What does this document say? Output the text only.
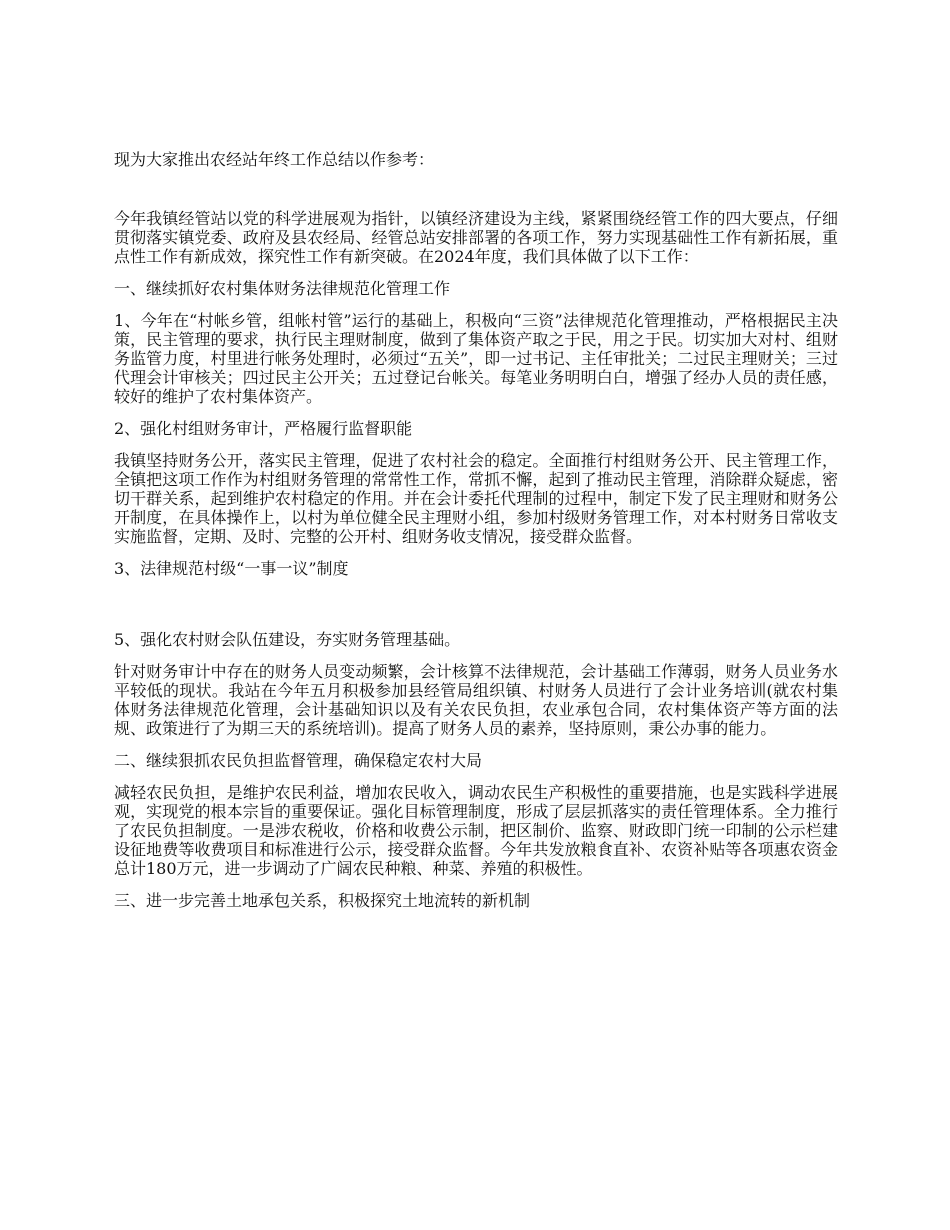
现为大家推出农经站年终工作总结以作参考：

今年我镇经管站以党的科学进展观为指针，以镇经济建设为主线，紧紧围绕经管工作的四大要点，仔细贯彻落实镇党委、政府及县农经局、经管总站安排部署的各项工作，努力实现基础性工作有新拓展，重点性工作有新成效，探究性工作有新突破。在2024年度，我们具体做了以下工作：

一、继续抓好农村集体财务法律规范化管理工作

1、今年在“村帐乡管，组帐村管”运行的基础上，积极向“三资”法律规范化管理推动，严格根据民主决策，民主管理的要求，执行民主理财制度，做到了集体资产取之于民，用之于民。切实加大对村、组财务监管力度，村里进行帐务处理时，必须过“五关”，即一过书记、主任审批关；二过民主理财关；三过代理会计审核关；四过民主公开关；五过登记台帐关。每笔业务明明白白，增强了经办人员的责任感，较好的维护了农村集体资产。

2、强化村组财务审计，严格履行监督职能

我镇坚持财务公开，落实民主管理，促进了农村社会的稳定。全面推行村组财务公开、民主管理工作，全镇把这项工作作为村组财务管理的常常性工作，常抓不懈，起到了推动民主管理，消除群众疑虑，密切干群关系，起到维护农村稳定的作用。并在会计委托代理制的过程中，制定下发了民主理财和财务公开制度，在具体操作上，以村为单位健全民主理财小组，参加村级财务管理工作，对本村财务日常收支实施监督，定期、及时、完整的公开村、组财务收支情况，接受群众监督。

3、法律规范村级“一事一议”制度

5、强化农村财会队伍建设，夯实财务管理基础。

针对财务审计中存在的财务人员变动频繁，会计核算不法律规范，会计基础工作薄弱，财务人员业务水平较低的现状。我站在今年五月积极参加县经管局组织镇、村财务人员进行了会计业务培训(就农村集体财务法律规范化管理，会计基础知识以及有关农民负担，农业承包合同，农村集体资产等方面的法规、政策进行了为期三天的系统培训)。提高了财务人员的素养，坚持原则，秉公办事的能力。

二、继续狠抓农民负担监督管理，确保稳定农村大局

减轻农民负担，是维护农民利益，增加农民收入，调动农民生产积极性的重要措施，也是实践科学进展观，实现党的根本宗旨的重要保证。强化目标管理制度，形成了层层抓落实的责任管理体系。全力推行了农民负担制度。一是涉农税收，价格和收费公示制，把区制价、监察、财政即门统一印制的公示栏建设征地费等收费项目和标准进行公示，接受群众监督。今年共发放粮食直补、农资补贴等各项惠农资金总计180万元，进一步调动了广阔农民种粮、种菜、养殖的积极性。

三、进一步完善土地承包关系，积极探究土地流转的新机制
